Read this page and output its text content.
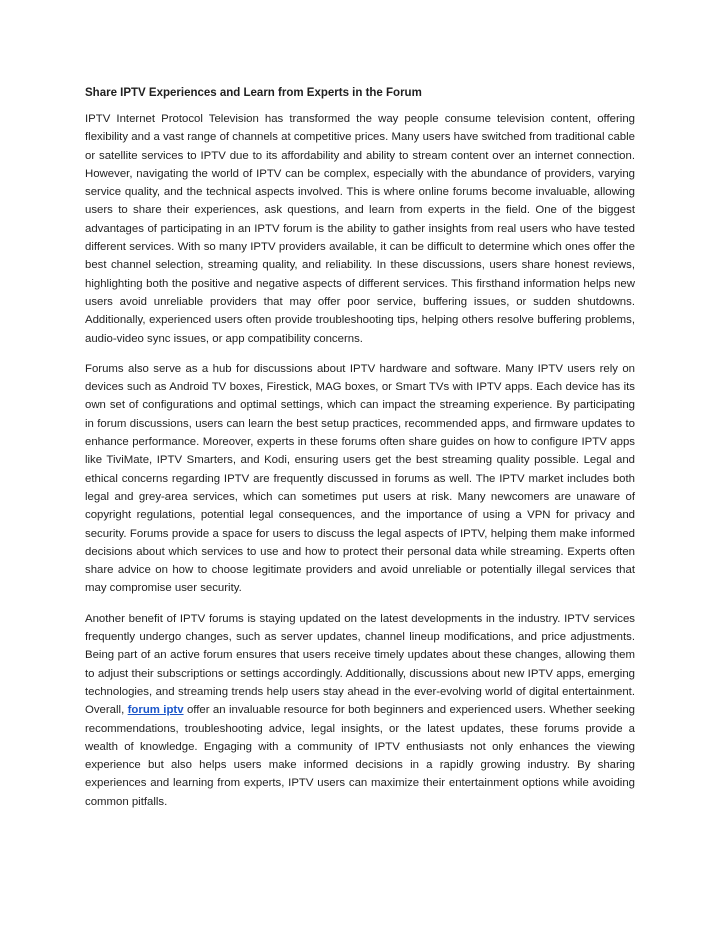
Share IPTV Experiences and Learn from Experts in the Forum

IPTV Internet Protocol Television has transformed the way people consume television content, offering flexibility and a vast range of channels at competitive prices. Many users have switched from traditional cable or satellite services to IPTV due to its affordability and ability to stream content over an internet connection. However, navigating the world of IPTV can be complex, especially with the abundance of providers, varying service quality, and the technical aspects involved. This is where online forums become invaluable, allowing users to share their experiences, ask questions, and learn from experts in the field. One of the biggest advantages of participating in an IPTV forum is the ability to gather insights from real users who have tested different services. With so many IPTV providers available, it can be difficult to determine which ones offer the best channel selection, streaming quality, and reliability. In these discussions, users share honest reviews, highlighting both the positive and negative aspects of different services. This firsthand information helps new users avoid unreliable providers that may offer poor service, buffering issues, or sudden shutdowns. Additionally, experienced users often provide troubleshooting tips, helping others resolve buffering problems, audio-video sync issues, or app compatibility concerns.

Forums also serve as a hub for discussions about IPTV hardware and software. Many IPTV users rely on devices such as Android TV boxes, Firestick, MAG boxes, or Smart TVs with IPTV apps. Each device has its own set of configurations and optimal settings, which can impact the streaming experience. By participating in forum discussions, users can learn the best setup practices, recommended apps, and firmware updates to enhance performance. Moreover, experts in these forums often share guides on how to configure IPTV apps like TiviMate, IPTV Smarters, and Kodi, ensuring users get the best streaming quality possible. Legal and ethical concerns regarding IPTV are frequently discussed in forums as well. The IPTV market includes both legal and grey-area services, which can sometimes put users at risk. Many newcomers are unaware of copyright regulations, potential legal consequences, and the importance of using a VPN for privacy and security. Forums provide a space for users to discuss the legal aspects of IPTV, helping them make informed decisions about which services to use and how to protect their personal data while streaming. Experts often share advice on how to choose legitimate providers and avoid unreliable or potentially illegal services that may compromise user security.

Another benefit of IPTV forums is staying updated on the latest developments in the industry. IPTV services frequently undergo changes, such as server updates, channel lineup modifications, and price adjustments. Being part of an active forum ensures that users receive timely updates about these changes, allowing them to adjust their subscriptions or settings accordingly. Additionally, discussions about new IPTV apps, emerging technologies, and streaming trends help users stay ahead in the ever-evolving world of digital entertainment. Overall, forum iptv offer an invaluable resource for both beginners and experienced users. Whether seeking recommendations, troubleshooting advice, legal insights, or the latest updates, these forums provide a wealth of knowledge. Engaging with a community of IPTV enthusiasts not only enhances the viewing experience but also helps users make informed decisions in a rapidly growing industry. By sharing experiences and learning from experts, IPTV users can maximize their entertainment options while avoiding common pitfalls.
